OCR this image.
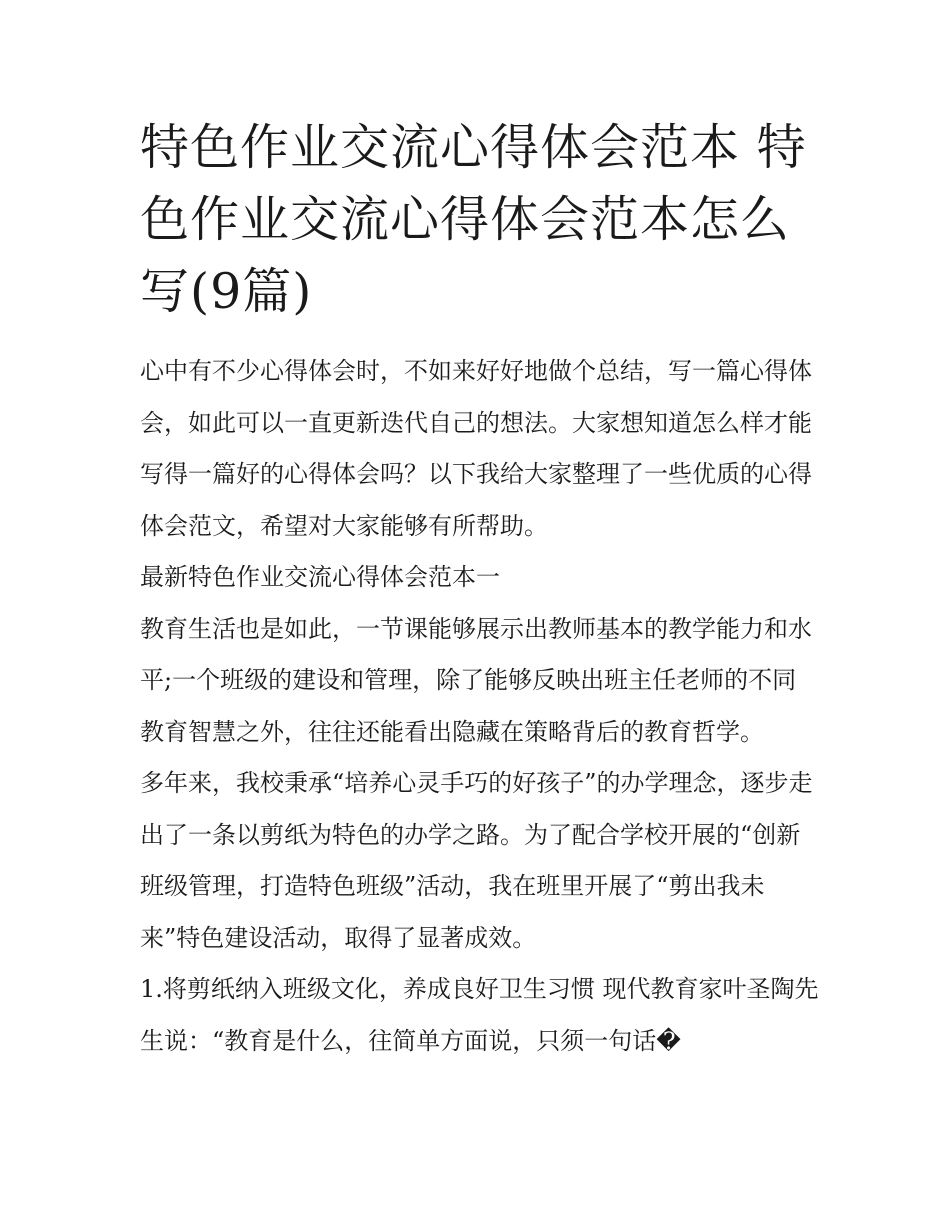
特色作业交流心得体会范本 特色作业交流心得体会范本怎么写(9篇)

心中有不少心得体会时，不如来好好地做个总结，写一篇心得体会，如此可以一直更新迭代自己的想法。大家想知道怎么样才能写得一篇好的心得体会吗？以下我给大家整理了一些优质的心得体会范文，希望对大家能够有所帮助。

最新特色作业交流心得体会范本一

教育生活也是如此，一节课能够展示出教师基本的教学能力和水平;一个班级的建设和管理，除了能够反映出班主任老师的不同教育智慧之外，往往还能看出隐藏在策略背后的教育哲学。

多年来，我校秉承“培养心灵手巧的好孩子”的办学理念，逐步走出了一条以剪纸为特色的办学之路。为了配合学校开展的“创新班级管理，打造特色班级”活动，我在班里开展了“剪出我未来”特色建设活动，取得了显著成效。

1.将剪纸纳入班级文化，养成良好卫生习惯 现代教育家叶圣陶先生说：“教育是什么，往简单方面说，只须一句话�
